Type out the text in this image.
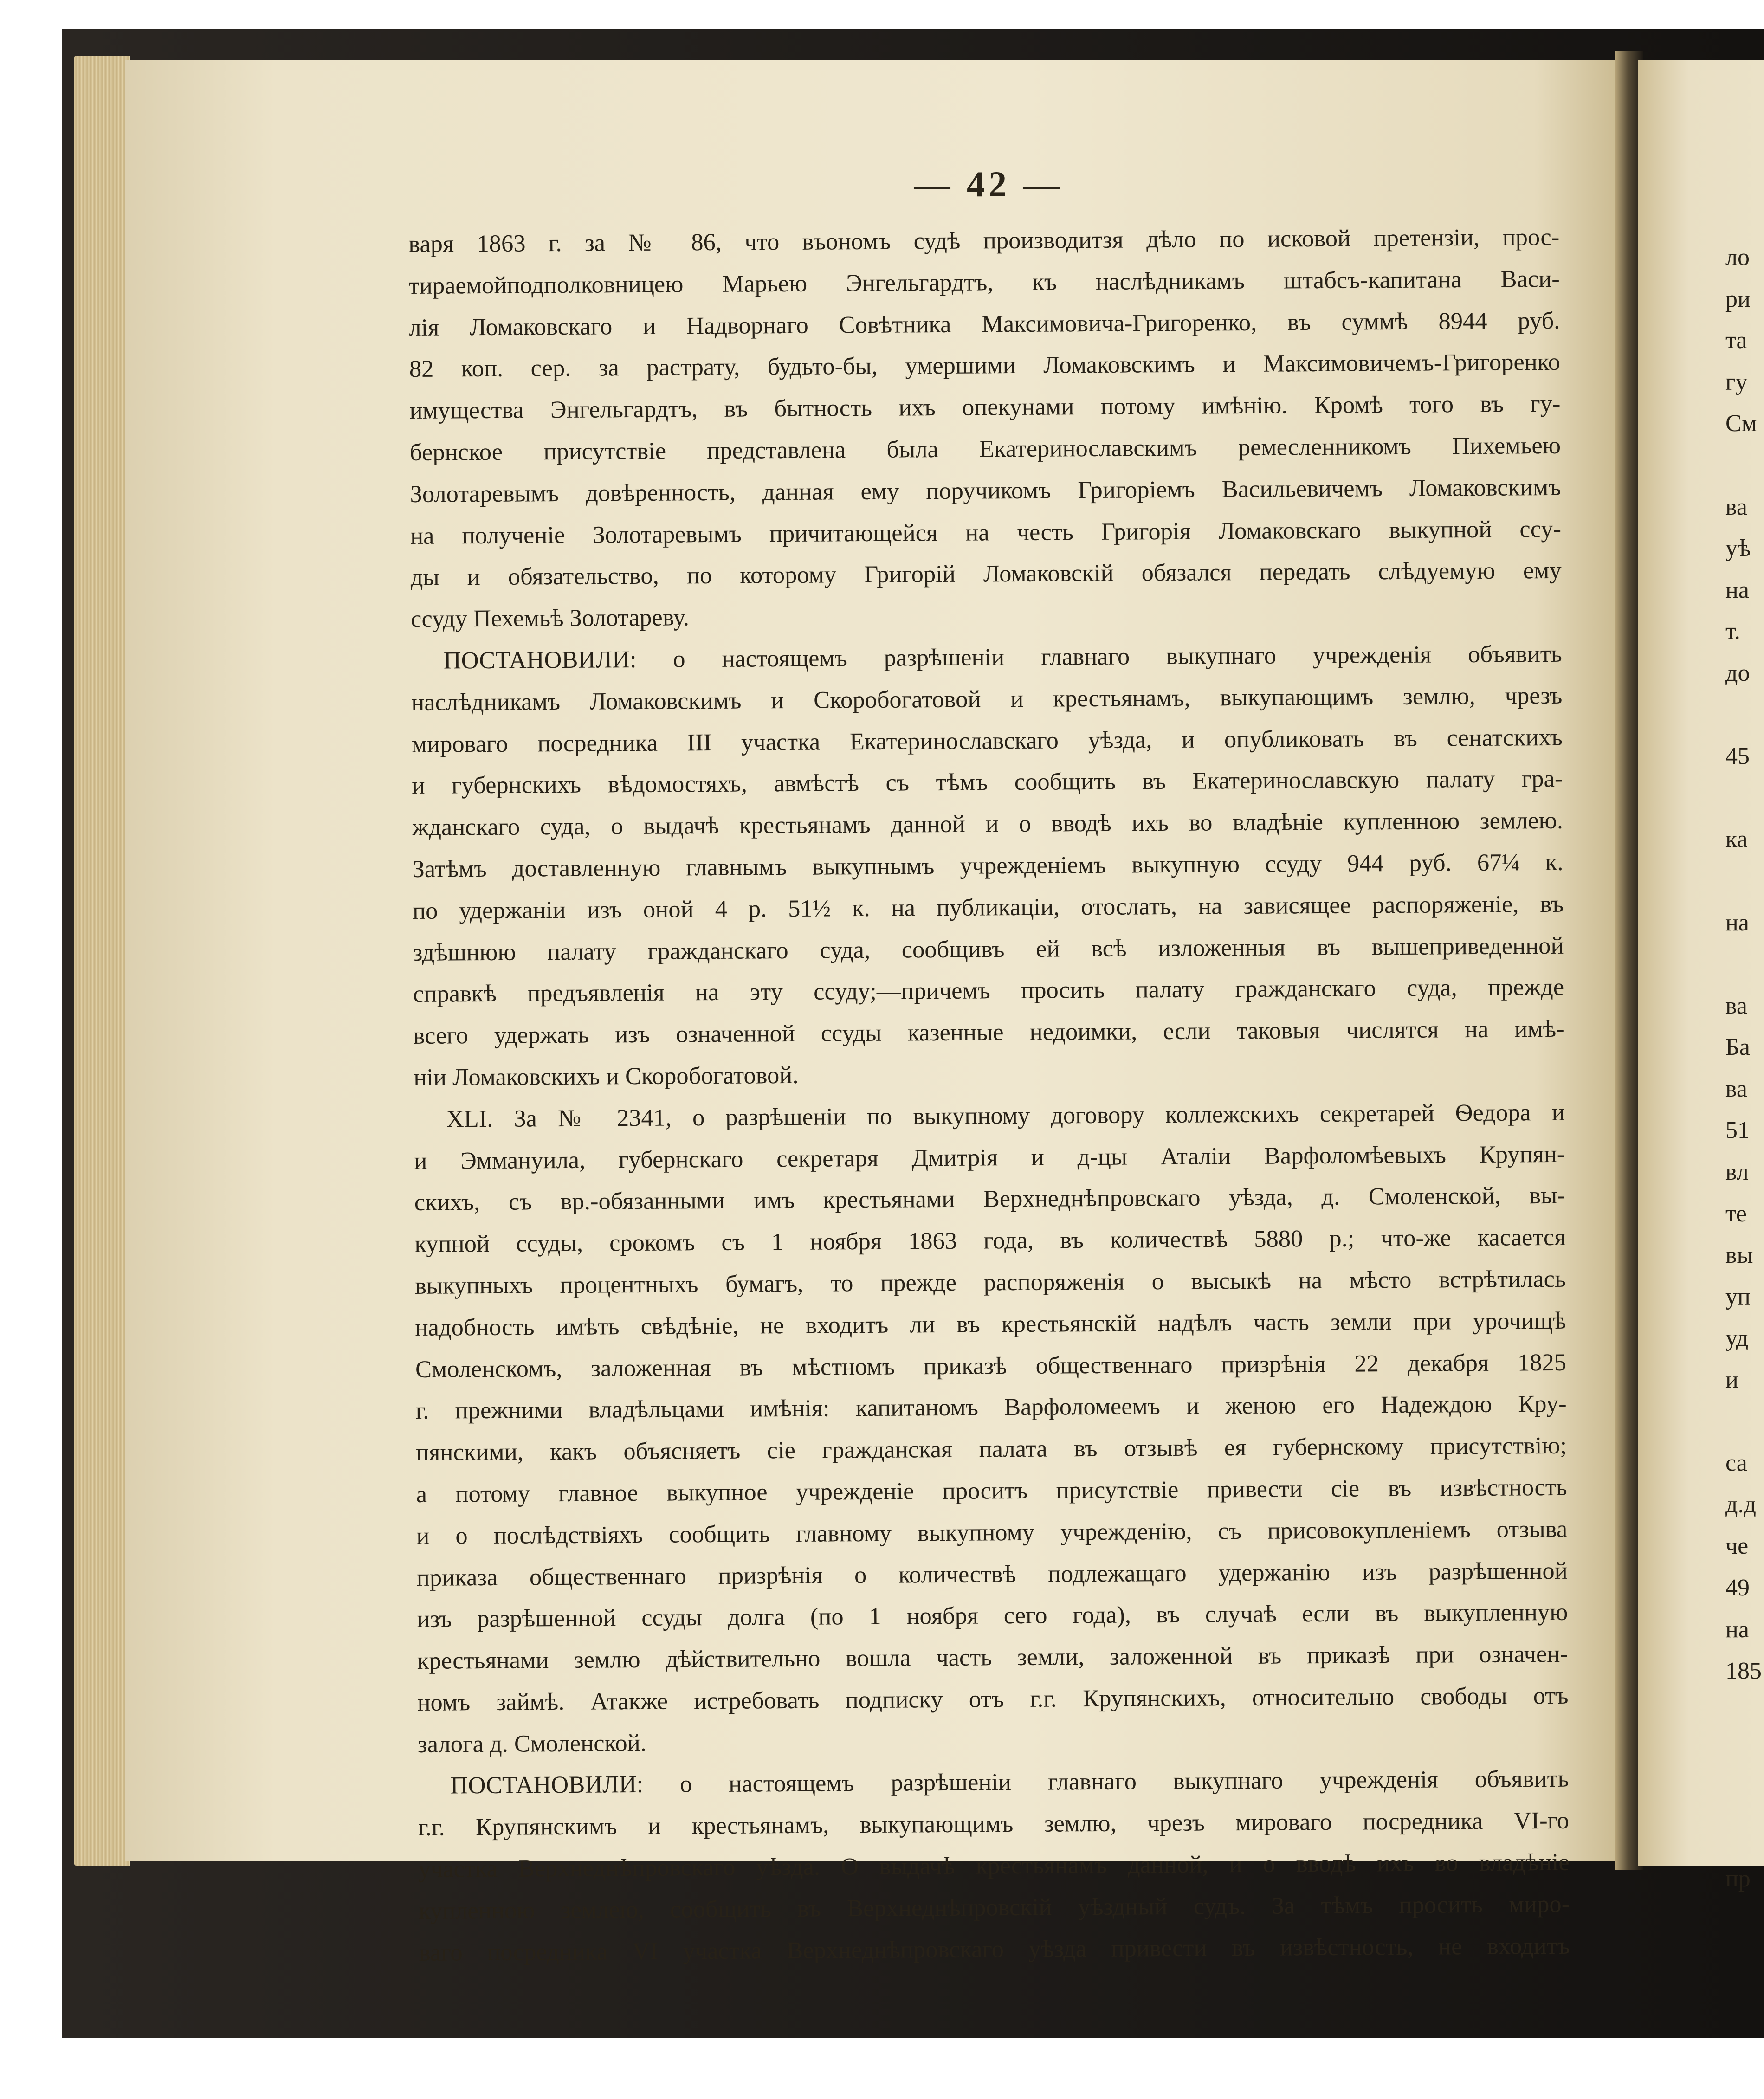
— 42 —
варя 1863 г. за № 86, что въономъ судѣ производитзя дѣло по исковой претензіи, прос-
тираемойподполковницею Марьею Энгельгардтъ, къ наслѣдникамъ штабсъ-капитана Васи-
лія Ломаковскаго и Надворнаго Совѣтника Максимовича-Григоренко, въ суммѣ 8944 руб.
82 коп. сер. за растрату, будьто-бы, умершими Ломаковскимъ и Максимовичемъ-Григоренко
имущества Энгельгардтъ, въ бытность ихъ опекунами потому имѣнію. Кромѣ того въ гу-
бернское присутствіе представлена была Екатеринославскимъ ремесленникомъ Пихемьею
Золотаревымъ довѣренность, данная ему поручикомъ Григоріемъ Васильевичемъ Ломаковскимъ
на полученіе Золотаревымъ причитающейся на честь Григорія Ломаковскаго выкупной ссу-
ды и обязательство, по которому Григорій Ломаковскій обязался передать слѣдуемую ему
ссуду Пехемьѣ Золотареву.
ПОСТАНОВИЛИ: о настоящемъ разрѣшеніи главнаго выкупнаго учрежденія объявить
наслѣдникамъ Ломаковскимъ и Скоробогатовой и крестьянамъ, выкупающимъ землю, чрезъ
мироваго посредника III участка Екатеринославскаго уѣзда, и опубликовать въ сенатскихъ
и губернскихъ вѣдомостяхъ, авмѣстѣ съ тѣмъ сообщить въ Екатеринославскую палату гра-
жданскаго суда, о выдачѣ крестьянамъ данной и о вводѣ ихъ во владѣніе купленною землею.
Затѣмъ доставленную главнымъ выкупнымъ учрежденіемъ выкупную ссуду 944 руб. 67¼ к.
по удержаніи изъ оной 4 р. 51½ к. на публикаціи, отослать, на зависящее распоряженіе, въ
здѣшнюю палату гражданскаго суда, сообщивъ ей всѣ изложенныя въ вышеприведенной
справкѣ предъявленія на эту ссуду;—причемъ просить палату гражданскаго суда, прежде
всего удержать изъ означенной ссуды казенные недоимки, если таковыя числятся на имѣ-
ніи Ломаковскихъ и Скоробогатовой.
XLI. За № 2341, о разрѣшеніи по выкупному договору коллежскихъ секретарей Ѳедора и
и Эммануила, губернскаго секретаря Дмитрія и д-цы Аталіи Варфоломѣевыхъ Крупян-
скихъ, съ вр.-обязанными имъ крестьянами Верхнеднѣпровскаго уѣзда, д. Смоленской, вы-
купной ссуды, срокомъ съ 1 ноября 1863 года, въ количествѣ 5880 р.; что-же касается
выкупныхъ процентныхъ бумагъ, то прежде распоряженія о высыкѣ на мѣсто встрѣтилась
надобность имѣть свѣдѣніе, не входитъ ли въ крестьянскій надѣлъ часть земли при урочищѣ
Смоленскомъ, заложенная въ мѣстномъ приказѣ общественнаго призрѣнія 22 декабря 1825
г. прежними владѣльцами имѣнія: капитаномъ Варфоломеемъ и женою его Надеждою Кру-
пянскими, какъ объясняетъ сіе гражданская палата въ отзывѣ ея губернскому присутствію;
а потому главное выкупное учрежденіе проситъ присутствіе привести сіе въ извѣстность
и о послѣдствіяхъ сообщить главному выкупному учрежденію, съ присовокупленіемъ отзыва
приказа общественнаго призрѣнія о количествѣ подлежащаго удержанію изъ разрѣшенной
изъ разрѣшенной ссуды долга (по 1 ноября сего года), въ случаѣ если въ выкупленную
крестьянами землю дѣйствительно вошла часть земли, заложенной въ приказѣ при означен-
номъ займѣ. Атакже истребовать подписку отъ г.г. Крупянскихъ, относительно свободы отъ
залога д. Смоленской.
ПОСТАНОВИЛИ: о настоящемъ разрѣшеніи главнаго выкупнаго учрежденія объявить
г.г. Крупянскимъ и крестьянамъ, выкупающимъ землю, чрезъ мироваго посредника VI-го
участка Верхнеднѣпровскаго уѣзда. О выдачѣ крестьянамъ данной, и о вводѣ ихъ во владѣніе
купленною землею, сообщить въ Верхнеднѣпровскій уѣздный судъ. За тѣмъ просить миро-
ваго посредника VI участка Верхнеднѣпровскаго уѣзда привести въ извѣстность, не входитъ
ло
ри
та
гу
См
ва
уѣ
на
т.
до
45
ка
на
ва
Ба
ва
51
вл
те
вы
уп
уд
и
са
д.д
че
49
на
185
пр
